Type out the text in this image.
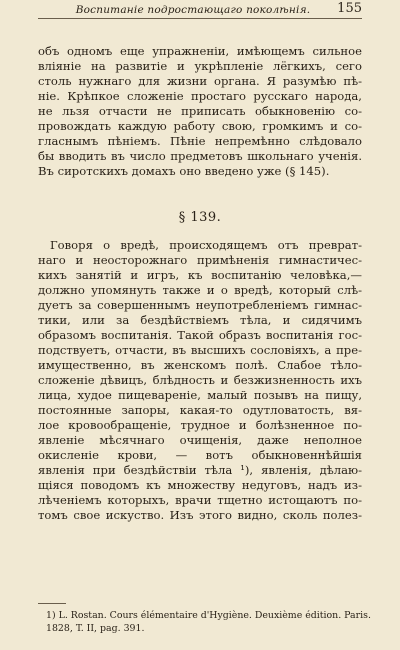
Воспитаніе подростающаго поколѣнія.	155
объ одномъ еще упражненіи, имѣющемъ сильное
вліяніе на развитіе и укрѣпленіе лёгкихъ, сего
столь нужнаго для жизни органа. Я разумѣю пѣ-
ніе. Крѣпкое сложеніе простаго русскаго народа,
не льзя отчасти не приписать обыкновенію со-
провождать каждую работу свою, громкимъ и со-
гласнымъ пѣніемъ. Пѣніе непремѣнно слѣдовало
бы вводить въ число предметовъ школьнаго ученія.
Въ сиротскихъ домахъ оно введено уже (§ 145).
§ 139.
Говоря о вредѣ, происходящемъ отъ преврат-
наго и неосторожнаго примѣненія гимнастичес-
кихъ занятій и игръ, къ воспитанію человѣка,—
должно упомянуть также и о вредѣ, который слѣ-
дуетъ за совершеннымъ неупотребленіемъ гимнас-
тики, или за бездѣйствіемъ тѣла, и сидячимъ
образомъ воспитанія. Такой образъ воспитанія гос-
подствуетъ, отчасти, въ высшихъ сословіяхъ, а пре-
имущественно, въ женскомъ полѣ. Слабое тѣло-
сложеніе дѣвицъ, блѣдность и безжизненность ихъ
лица, худое пищевареніе, малый позывъ на пищу,
постоянные запоры, какая-то одутловатость, вя-
лое кровообращеніе, трудное и болѣзненное по-
явленіе мѣсячнаго очищенія, даже неполное
окисленіе крови, — вотъ обыкновеннѣйшія
явленія при бездѣйствіи тѣла ¹), явленія, дѣлаю-
щіяся поводомъ къ множеству недуговъ, надъ из-
лѣченіемъ которыхъ, врачи тщетно истощаютъ по-
томъ свое искуство. Изъ этого видно, сколь полез-
1) L. Rostan. Cours élémentaire d'Hygiène. Deuxième édition. Paris.
1828, T. II, pag. 391.
